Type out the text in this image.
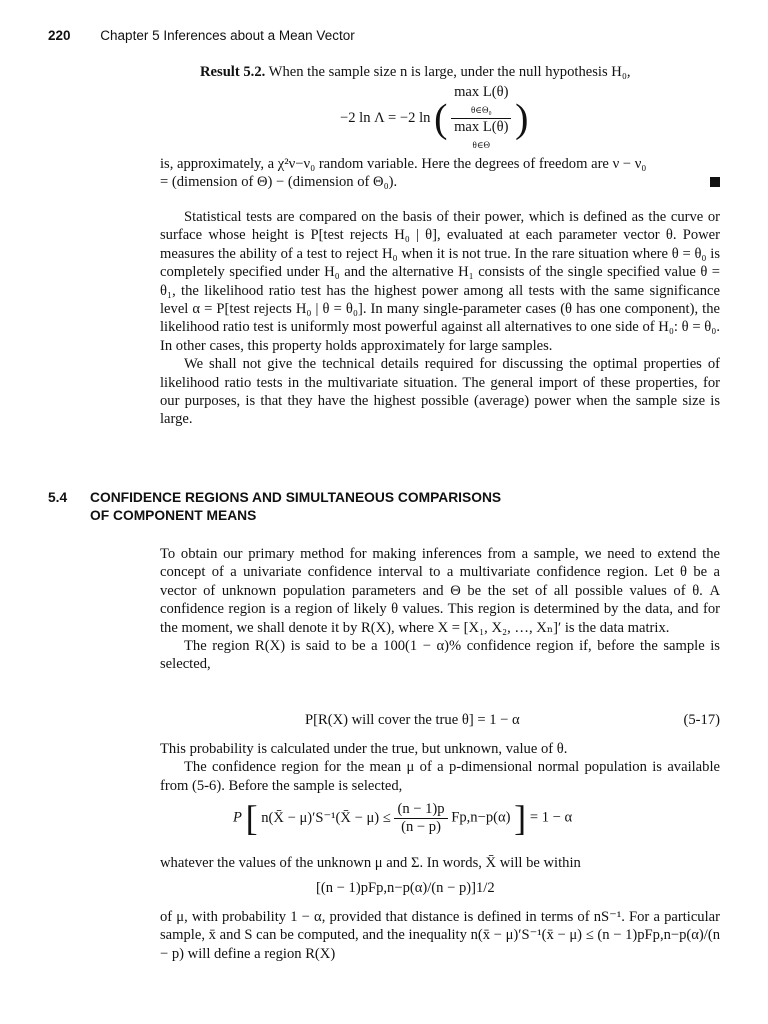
220 Chapter 5 Inferences about a Mean Vector
Result 5.2. When the sample size n is large, under the null hypothesis H₀,
−2 ln Λ = −2 ln (
max L(θ)
θ∈Θ₀
max L(θ)
θ∈Θ
)

is, approximately, a χ²ν−ν₀ random variable. Here the degrees of freedom are ν − ν₀

= (dimension of Θ) − (dimension of Θ₀).

Statistical tests are compared on the basis of their power, which is defined as the curve or surface whose height is P[test rejects H₀ | θ], evaluated at each parameter vector θ. Power measures the ability of a test to reject H₀ when it is not true. In the rare situation where θ = θ₀ is completely specified under H₀ and the alternative H₁ consists of the single specified value θ = θ₁, the likelihood ratio test has the highest power among all tests with the same significance level α = P[test rejects H₀ | θ = θ₀]. In many single-parameter cases (θ has one component), the likelihood ratio test is uniformly most powerful against all alternatives to one side of H₀: θ = θ₀. In other cases, this property holds approximately for large samples.

We shall not give the technical details required for discussing the optimal properties of likelihood ratio tests in the multivariate situation. The general import of these properties, for our purposes, is that they have the highest possible (average) power when the sample size is large.

5.4 CONFIDENCE REGIONS AND SIMULTANEOUS COMPARISONS
OF COMPONENT MEANS

To obtain our primary method for making inferences from a sample, we need to extend the concept of a univariate confidence interval to a multivariate confidence region. Let θ be a vector of unknown population parameters and Θ be the set of all possible values of θ. A confidence region is a region of likely θ values. This region is determined by the data, and for the moment, we shall denote it by R(X), where X = [X₁, X₂, …, Xₙ]′ is the data matrix.

The region R(X) is said to be a 100(1 − α)% confidence region if, before the sample is selected,

P[R(X) will cover the true θ] = 1 − α	(5-17)

This probability is calculated under the true, but unknown, value of θ.

The confidence region for the mean μ of a p-dimensional normal population is available from (5-6). Before the sample is selected,

P [ n(X̄ − μ)′S⁻¹(X̄ − $\mu) \le \frac{(n - 1)p}{(n - p)} Fp,n-p(\alpha)$ ] = 1 − α

whatever the values of the unknown μ and Σ. In words, X̄ will be within

[(n − 1)pFp,n−p(α)/(n − p)]1/2

of μ, with probability 1 − α, provided that distance is defined in terms of nS⁻¹. For a particular sample, x̄ and S can be computed, and the inequality n(x̄ − μ)′S⁻¹(x̄ − μ) ≤ (n − 1)pFp,n−p(α)/(n − p) will define a region R(X)
